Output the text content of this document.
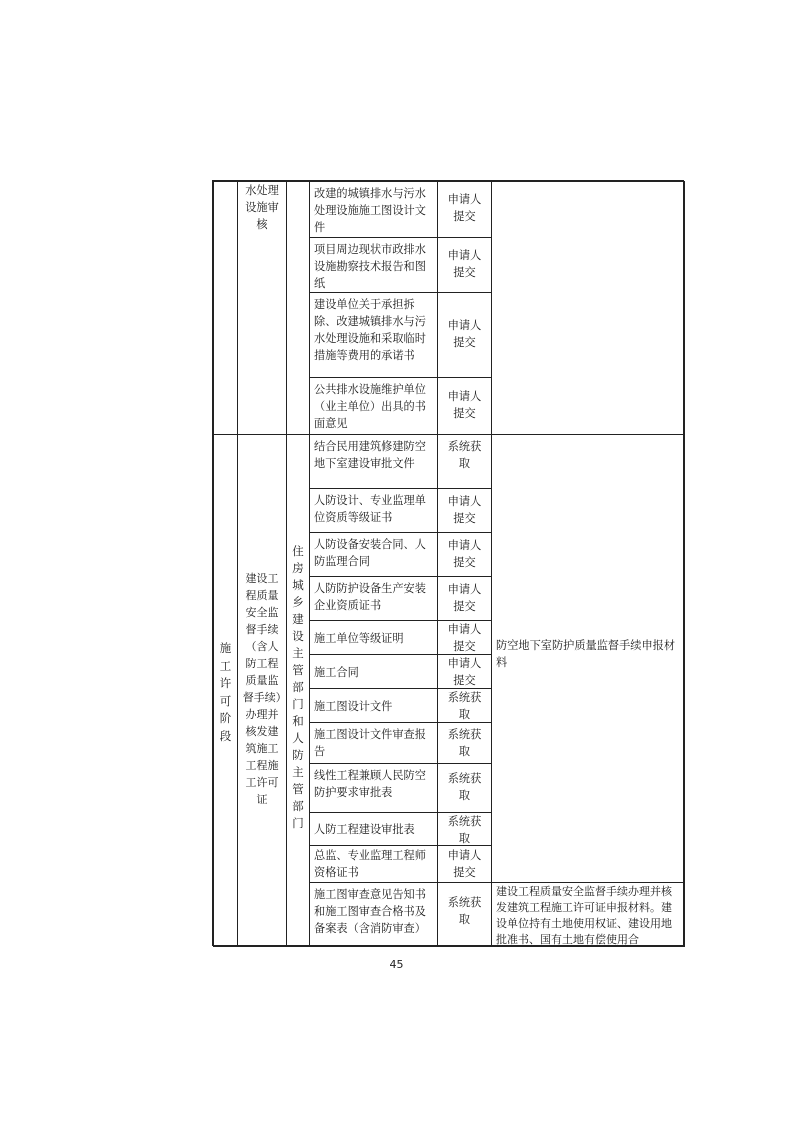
施工许可阶段
水处理设施审核
建设工程质量安全监督手续（含人防工程质量监督手续）办理并核发建筑施工工程施工许可证
住房城乡建设主管部门和人防主管部门
改建的城镇排水与污水处理设施施工图设计文件
申请人提交
项目周边现状市政排水设施勘察技术报告和图纸
申请人提交
建设单位关于承担拆除、改建城镇排水与污水处理设施和采取临时措施等费用的承诺书
申请人提交
公共排水设施维护单位（业主单位）出具的书面意见
申请人提交
结合民用建筑修建防空地下室建设审批文件
系统获取
人防设计、专业监理单位资质等级证书
申请人提交
人防设备安装合同、人防监理合同
申请人提交
人防防护设备生产安装企业资质证书
申请人提交
施工单位等级证明
申请人提交
施工合同
申请人提交
施工图设计文件
系统获取
施工图设计文件审查报告
系统获取
线性工程兼顾人民防空防护要求审批表
系统获取
人防工程建设审批表
系统获取
总监、专业监理工程师资格证书
申请人提交
施工图审查意见告知书和施工图审查合格书及备案表（含消防审查）
系统获取
防空地下室防护质量监督手续申报材料
建设工程质量安全监督手续办理并核发建筑工程施工许可证申报材料。建设单位持有土地使用权证、建设用地批准书、国有土地有偿使用合
45
